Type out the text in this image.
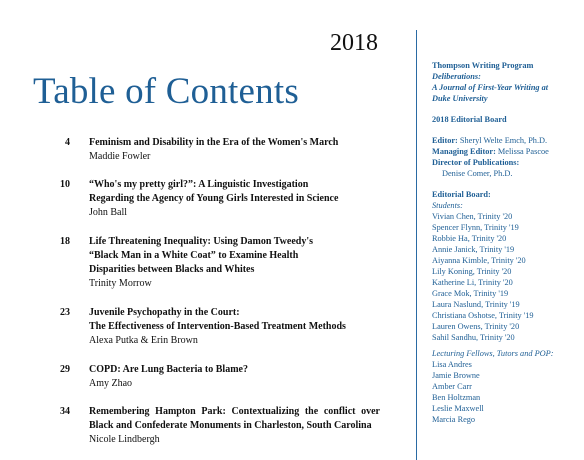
2018
Table of Contents
4 Feminism and Disability in the Era of the Women's March
Maddie Fowler
10 “Who's my pretty girl?”: A Linguistic Investigation
Regarding the Agency of Young Girls Interested in Science
John Ball
18 Life Threatening Inequality: Using Damon Tweedy's
“Black Man in a White Coat” to Examine Health
Disparities between Blacks and Whites
Trinity Morrow
23 Juvenile Psychopathy in the Court:
The Effectiveness of Intervention-Based Treatment Methods
Alexa Putka & Erin Brown
29 COPD: Are Lung Bacteria to Blame?
Amy Zhao
34 Remembering Hampton Park: Contextualizing the conflict over
Black and Confederate Monuments in Charleston, South Carolina
Nicole Lindbergh
Thompson Writing Program
Deliberations:
A Journal of First-Year Writing at
Duke University
2018 Editorial Board
Editor: Sheryl Welte Emch, Ph.D.
Managing Editor: Melissa Pascoe
Director of Publications:
Denise Comer, Ph.D.
Editorial Board:
Students:
Vivian Chen, Trinity '20
Spencer Flynn, Trinity '19
Robbie Ha, Trinity '20
Annie Janick, Trinity '19
Aiyanna Kimble, Trinity '20
Lily Koning, Trinity '20
Katherine Li, Trinity '20
Grace Mok, Trinity '19
Laura Naslund, Trinity '19
Christiana Oshotse, Trinity '19
Lauren Owens, Trinity '20
Sahil Sandhu, Trinity '20
Lecturing Fellows, Tutors and POP:
Lisa Andres
Jamie Browne
Amber Carr
Ben Holtzman
Leslie Maxwell
Marcia Rego
